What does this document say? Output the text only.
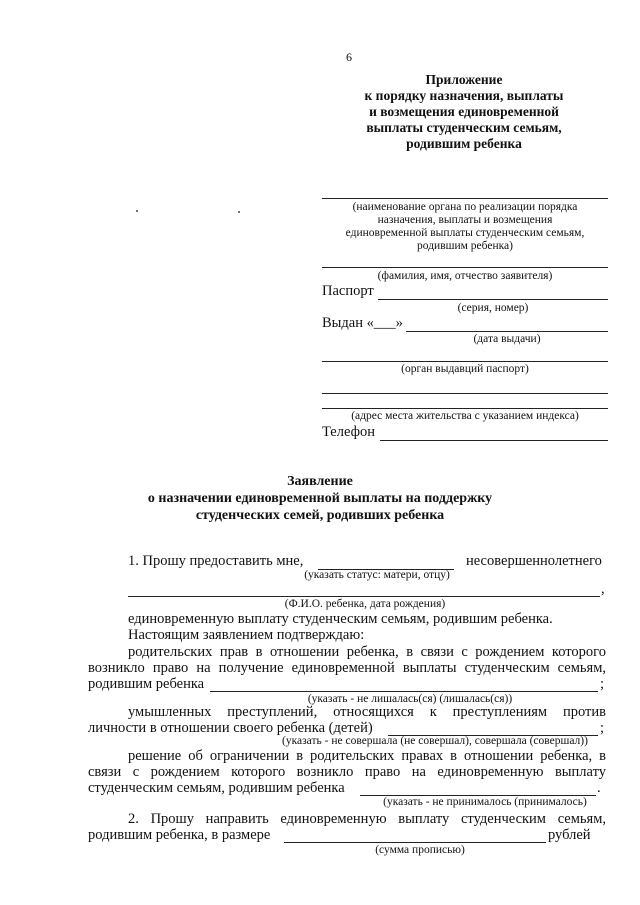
6
Приложение
к порядку назначения, выплаты
и возмещения единовременной
выплаты студенческим семьям,
родившим ребенка
(наименование органа по реализации порядка
назначения, выплаты и возмещения
единовременной выплаты студенческим семьям,
родившим ребенка)
(фамилия, имя, отчество заявителя)
Паспорт
(серия, номер)
Выдан «___»
(дата выдачи)
(орган выдавций паспорт)
(адрес места жительства с указанием индекса)
Телефон
Заявление
о назначении единовременной выплаты на поддержку
студенческих семей, родивших ребенка
1. Прошу предоставить мне,	несовершеннолетнего
(указать статус: матери, отцу)
,
(Ф.И.О. ребенка, дата рождения)
единовременную выплату студенческим семьям, родившим ребенка.
Настоящим заявлением подтверждаю:
родительских прав в отношении ребенка, в связи с рождением которого
возникло право на получение единовременной выплаты студенческим семьям,
родившим ребенка	;
(указать - не лишалась(ся) (лишалась(ся))
умышленных преступлений, относящихся к преступлениям против
личности в отношении своего ребенка (детей)	;
(указать - не совершала (не совершал), совершала (совершал))
решение об ограничении в родительских правах в отношении ребенка, в
связи с рождением которого возникло право на единовременную выплату
студенческим семьям, родившим ребенка	.
(указать - не принималось (принималось)
2. Прошу направить единовременную выплату студенческим семьям,
родившим ребенка, в размере	рублей
(сумма прописью)
